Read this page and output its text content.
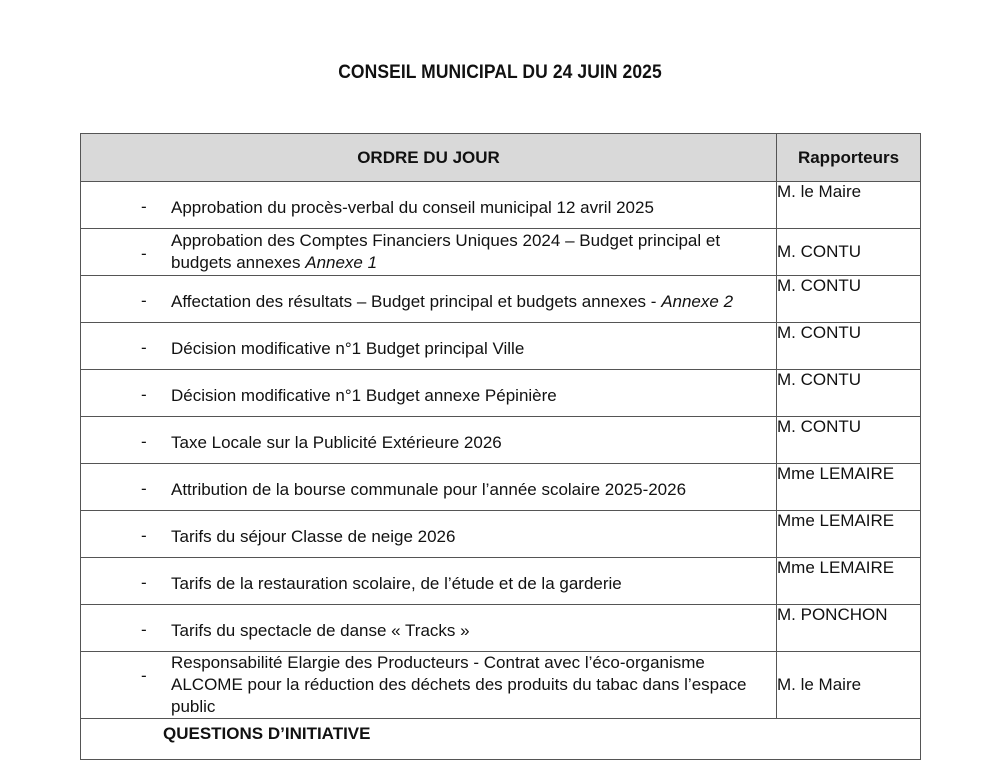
CONSEIL MUNICIPAL DU 24 JUIN 2025
ORDRE DU JOUR	Rapporteurs

- Approbation du procès-verbal du conseil municipal 12 avril 2025	M. le Maire

-
Approbation des Comptes Financiers Uniques 2024 – Budget principal et budgets annexes Annexe 1	M. CONTU

- Affectation des résultats – Budget principal et budgets annexes - Annexe 2	M. CONTU

- Décision modificative n°1 Budget principal Ville	M. CONTU

- Décision modificative n°1 Budget annexe Pépinière	M. CONTU

- Taxe Locale sur la Publicité Extérieure 2026	M. CONTU

- Attribution de la bourse communale pour l’année scolaire 2025-2026	Mme LEMAIRE

- Tarifs du séjour Classe de neige 2026	Mme LEMAIRE

- Tarifs de la restauration scolaire, de l’étude et de la garderie	Mme LEMAIRE

- Tarifs du spectacle de danse « Tracks »	M. PONCHON

-
Responsabilité Elargie des Producteurs - Contrat avec l’éco-organisme ALCOME pour la réduction des déchets des produits du tabac dans l’espace public	M. le Maire

QUESTIONS D’INITIATIVE	
